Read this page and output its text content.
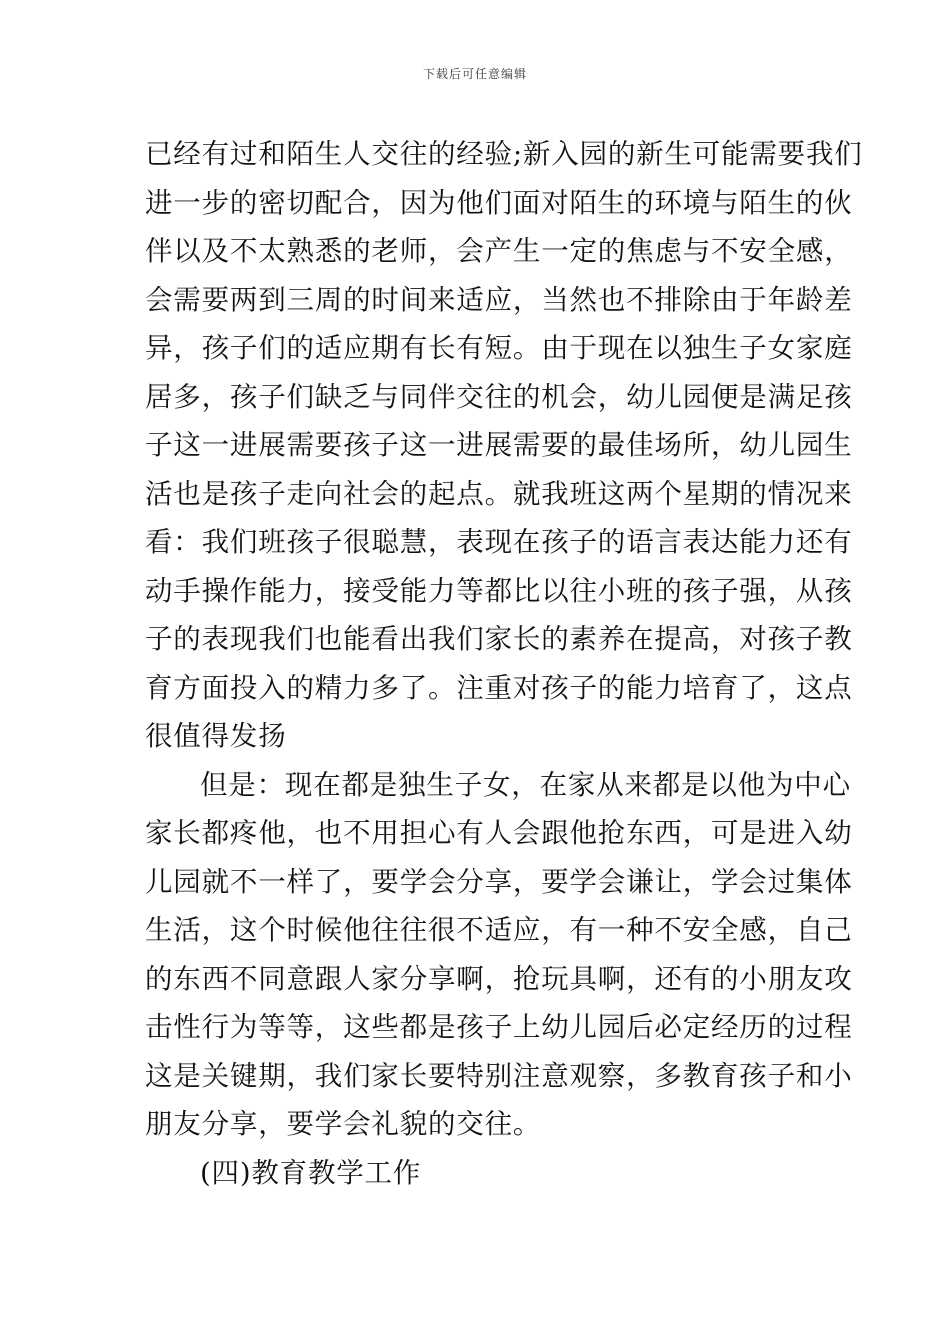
下载后可任意编辑
已经有过和陌生人交往的经验;新入园的新生可能需要我们
进一步的密切配合，因为他们面对陌生的环境与陌生的伙
伴以及不太熟悉的老师，会产生一定的焦虑与不安全感，
会需要两到三周的时间来适应，当然也不排除由于年龄差
异，孩子们的适应期有长有短。由于现在以独生子女家庭
居多，孩子们缺乏与同伴交往的机会，幼儿园便是满足孩
子这一进展需要孩子这一进展需要的最佳场所，幼儿园生
活也是孩子走向社会的起点。就我班这两个星期的情况来
看：我们班孩子很聪慧，表现在孩子的语言表达能力还有
动手操作能力，接受能力等都比以往小班的孩子强，从孩
子的表现我们也能看出我们家长的素养在提高，对孩子教
育方面投入的精力多了。注重对孩子的能力培育了，这点
很值得发扬
但是：现在都是独生子女，在家从来都是以他为中心
家长都疼他，也不用担心有人会跟他抢东西，可是进入幼
儿园就不一样了，要学会分享，要学会谦让，学会过集体
生活，这个时候他往往很不适应，有一种不安全感，自己
的东西不同意跟人家分享啊，抢玩具啊，还有的小朋友攻
击性行为等等，这些都是孩子上幼儿园后必定经历的过程
这是关键期，我们家长要特别注意观察，多教育孩子和小
朋友分享，要学会礼貌的交往。
(四)教育教学工作
